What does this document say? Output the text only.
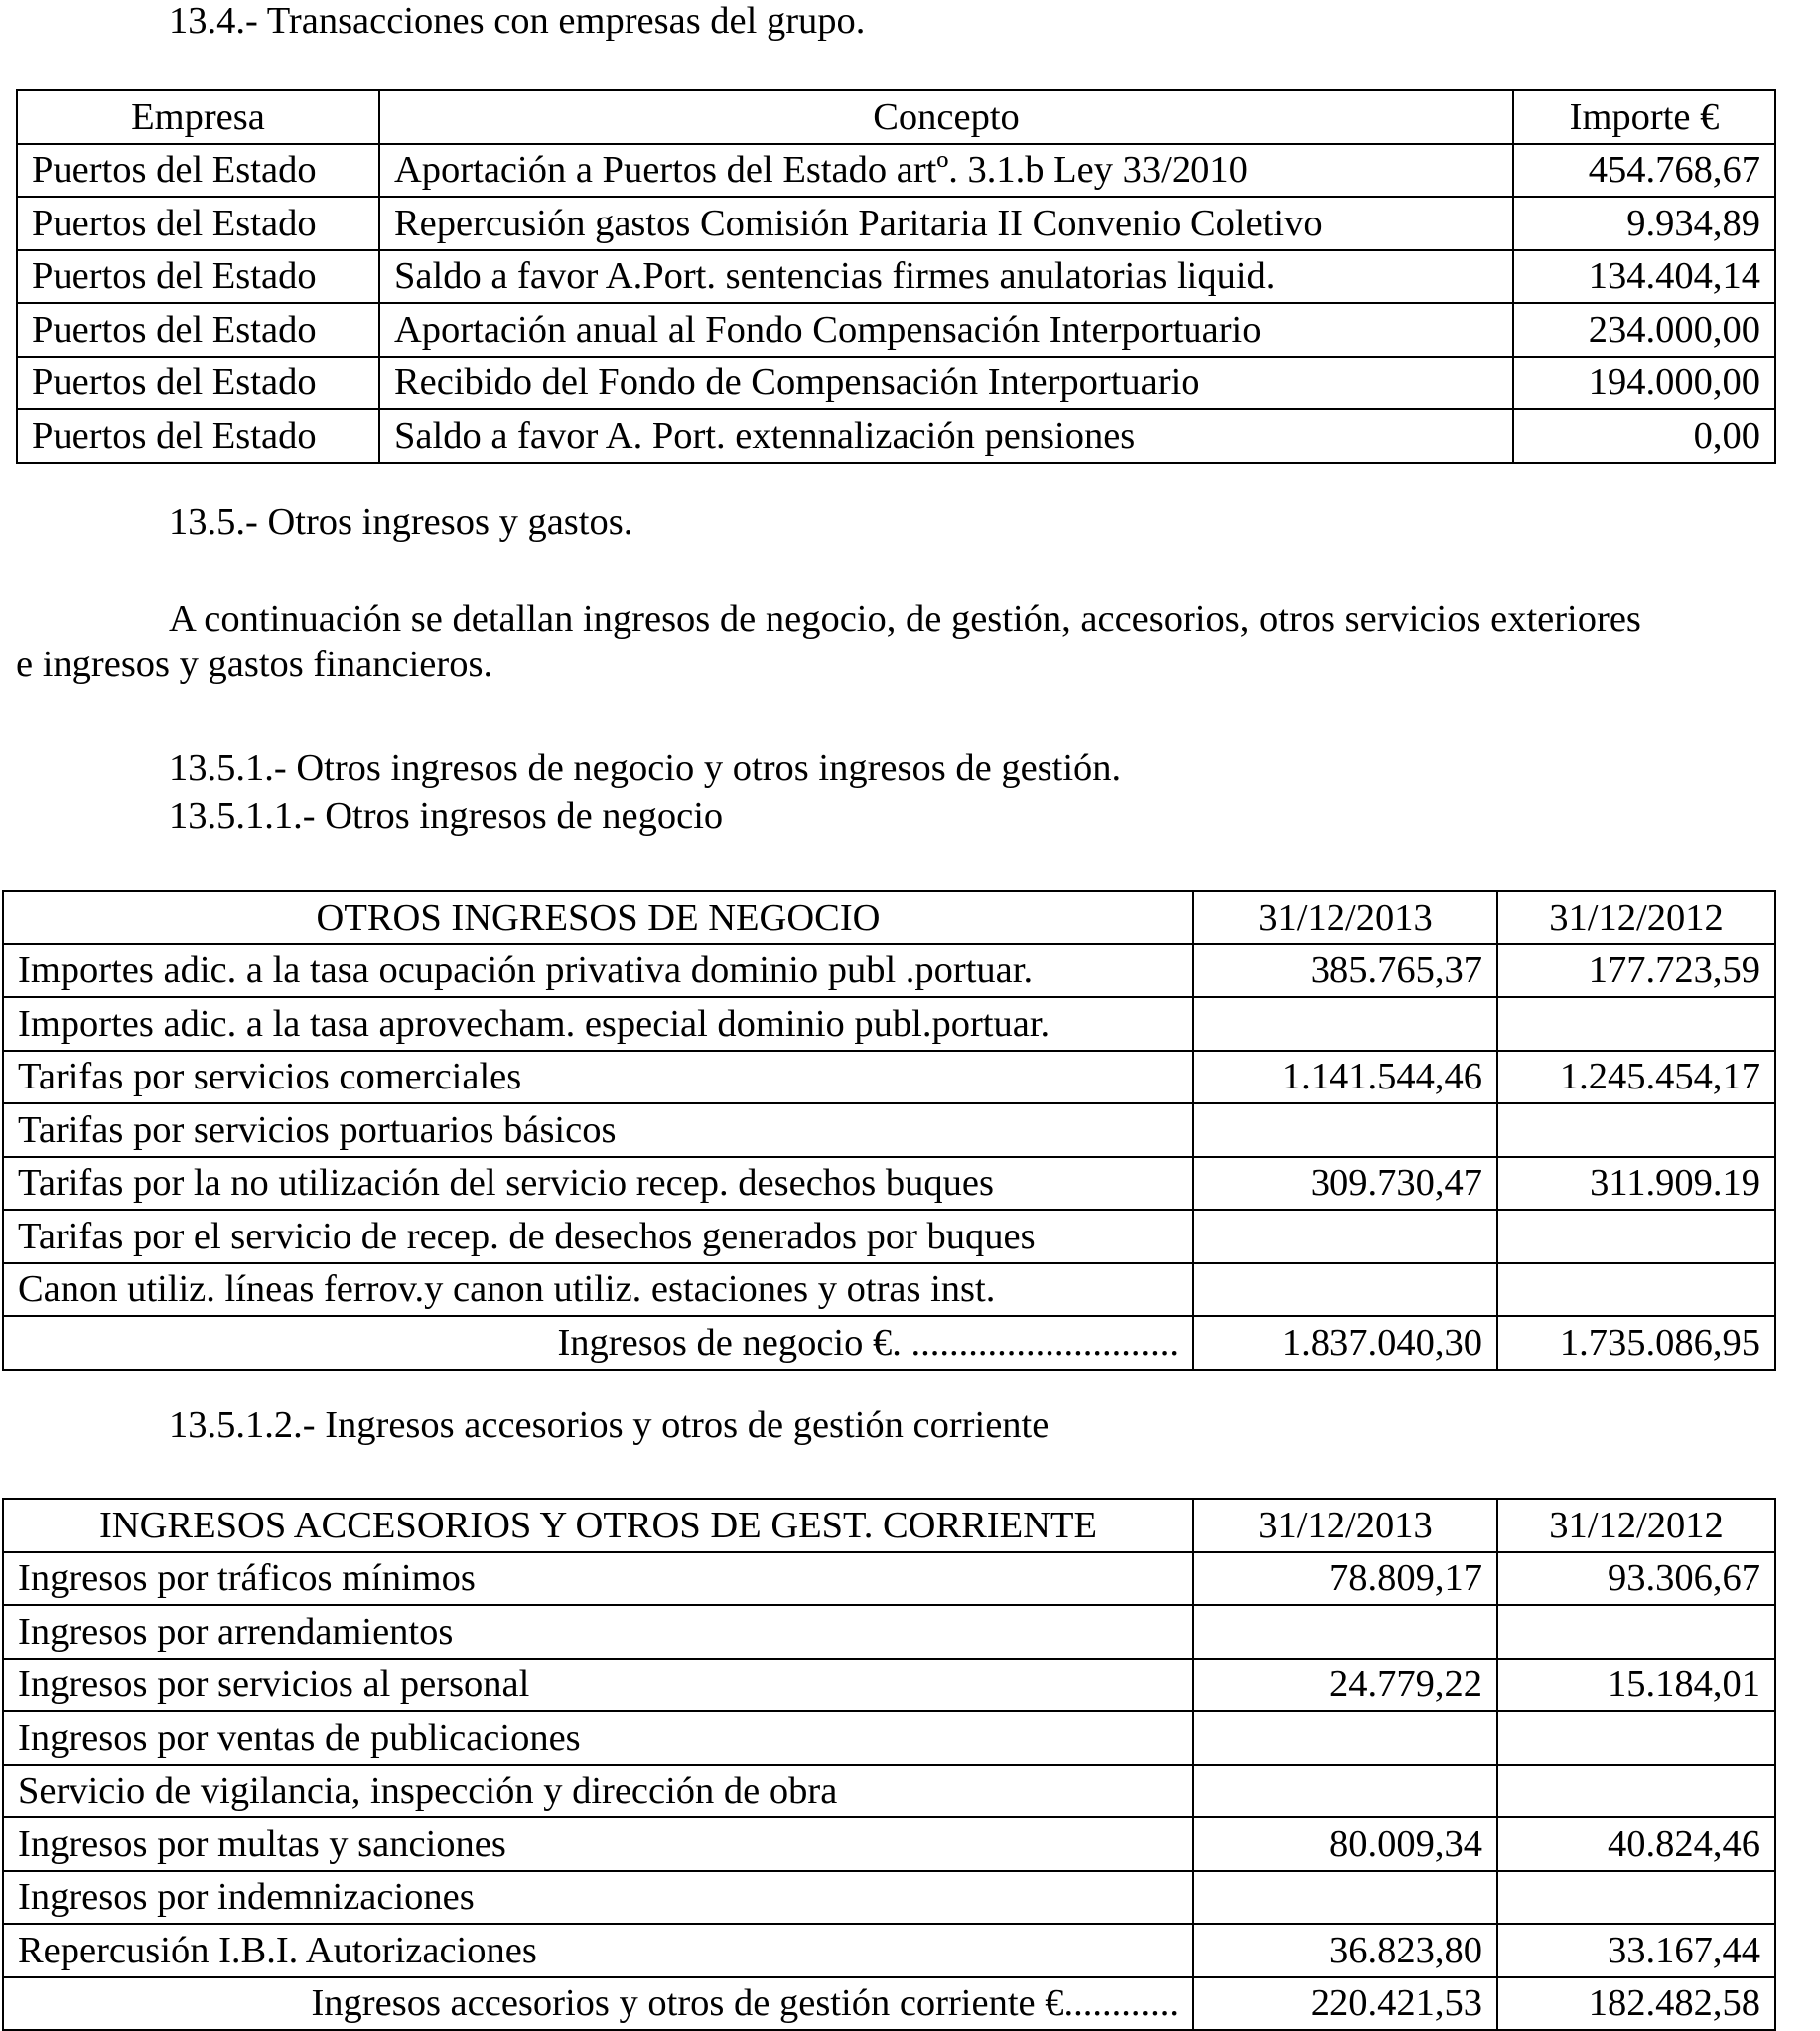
13.4.- Transacciones con empresas del grupo.
Empresa	Concepto	Importe €
Puertos del Estado	Aportación a Puertos del Estado artº. 3.1.b Ley 33/2010	454.768,67
Puertos del Estado	Repercusión gastos Comisión Paritaria II Convenio Coletivo	9.934,89
Puertos del Estado	Saldo a favor A.Port. sentencias firmes anulatorias liquid.	134.404,14
Puertos del Estado	Aportación anual al Fondo Compensación Interportuario	234.000,00
Puertos del Estado	Recibido del Fondo de Compensación Interportuario	194.000,00
Puertos del Estado	Saldo a favor A. Port. extennalización pensiones	0,00
13.5.- Otros ingresos y gastos.
A continuación se detallan ingresos de negocio, de gestión, accesorios, otros servicios exteriores
e ingresos y gastos financieros.
13.5.1.- Otros ingresos de negocio y otros ingresos de gestión.
13.5.1.1.- Otros ingresos de negocio
OTROS INGRESOS DE NEGOCIO	31/12/2013	31/12/2012
Importes adic. a la tasa ocupación privativa dominio publ .portuar.	385.765,37	177.723,59
Importes adic. a la tasa aprovecham. especial dominio publ.portuar.		
Tarifas por servicios comerciales	1.141.544,46	1.245.454,17
Tarifas por servicios portuarios básicos		
Tarifas por la no utilización del servicio recep. desechos buques	309.730,47	311.909.19
Tarifas por el servicio de recep. de desechos generados por buques		
Canon utiliz. líneas ferrov.y canon utiliz. estaciones y otras inst.		
Ingresos de negocio €. ............................	1.837.040,30	1.735.086,95
13.5.1.2.- Ingresos accesorios y otros de gestión corriente
INGRESOS ACCESORIOS Y OTROS DE GEST. CORRIENTE	31/12/2013	31/12/2012
Ingresos por tráficos mínimos	78.809,17	93.306,67
Ingresos por arrendamientos		
Ingresos por servicios al personal	24.779,22	15.184,01
Ingresos por ventas de publicaciones		
Servicio de vigilancia, inspección y dirección de obra		
Ingresos por multas y sanciones	80.009,34	40.824,46
Ingresos por indemnizaciones		
Repercusión I.B.I. Autorizaciones	36.823,80	33.167,44
Ingresos accesorios y otros de gestión corriente €............	220.421,53	182.482,58
